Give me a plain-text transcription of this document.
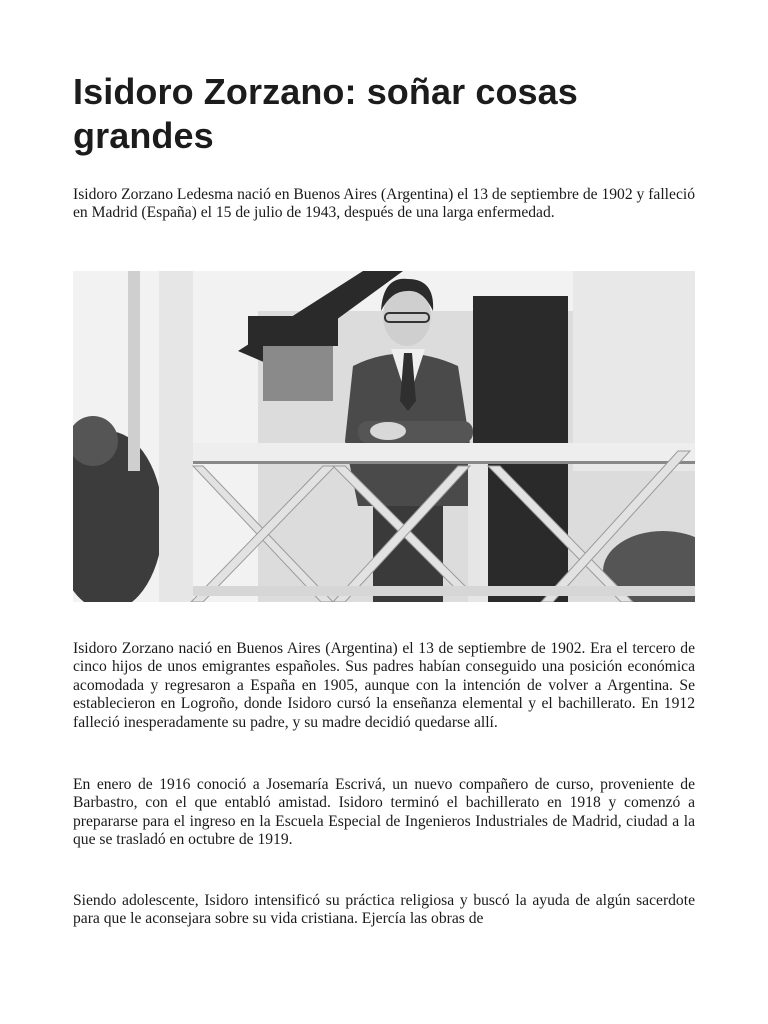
Isidoro Zorzano: soñar cosas grandes

Isidoro Zorzano Ledesma nació en Buenos Aires (Argentina) el 13 de septiembre de 1902 y falleció en Madrid (España) el 15 de julio de 1943, después de una larga enfermedad.

Isidoro Zorzano nació en Buenos Aires (Argentina) el 13 de septiembre de 1902. Era el tercero de cinco hijos de unos emigrantes españoles. Sus padres habían conseguido una posición económica acomodada y regresaron a España en 1905, aunque con la intención de volver a Argentina. Se establecieron en Logroño, donde Isidoro cursó la enseñanza elemental y el bachillerato. En 1912 falleció inesperadamente su padre, y su madre decidió quedarse allí.

En enero de 1916 conoció a Josemaría Escrivá, un nuevo compañero de curso, proveniente de Barbastro, con el que entabló amistad. Isidoro terminó el bachillerato en 1918 y comenzó a prepararse para el ingreso en la Escuela Especial de Ingenieros Industriales de Madrid, ciudad a la que se trasladó en octubre de 1919.

Siendo adolescente, Isidoro intensificó su práctica religiosa y buscó la ayuda de algún sacerdote para que le aconsejara sobre su vida cristiana. Ejercía las obras de
